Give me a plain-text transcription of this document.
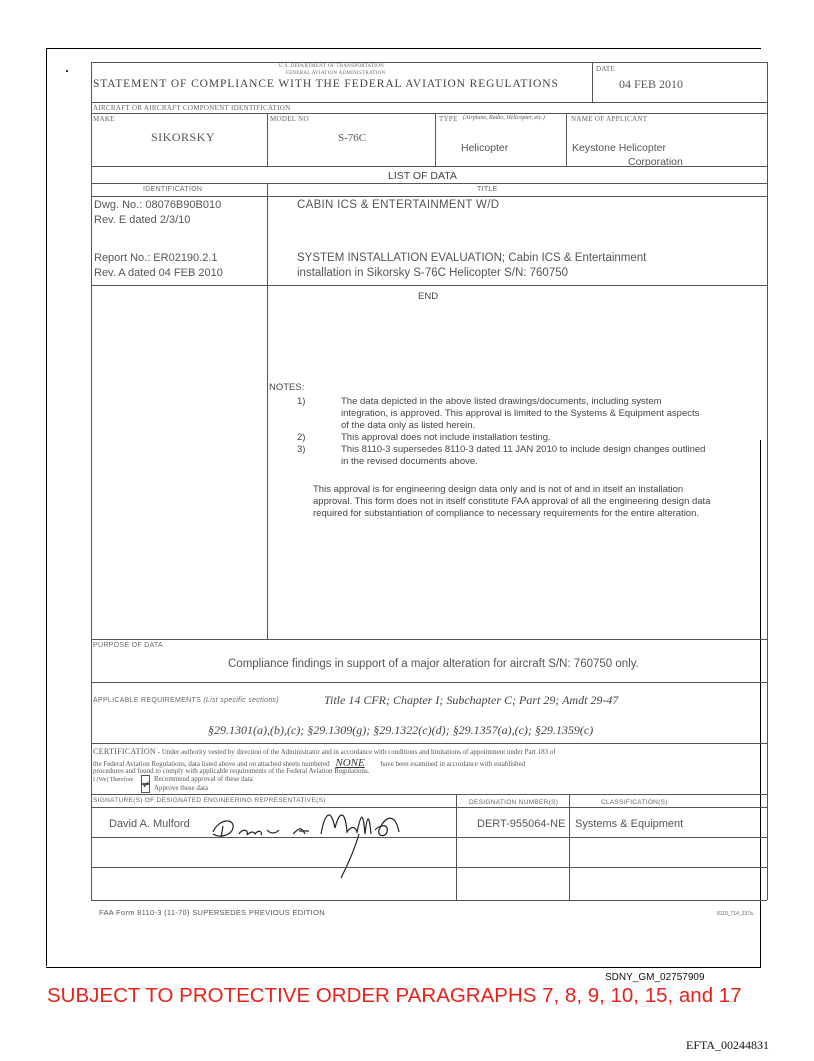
U.S. DEPARTMENT OF TRANSPORTATION
FEDERAL AVIATION ADMINISTRATION
STATEMENT OF COMPLIANCE WITH THE FEDERAL AVIATION REGULATIONS
DATE
04 FEB 2010
AIRCRAFT OR AIRCRAFT COMPONENT IDENTIFICATION
MAKE
SIKORSKY
MODEL NO
S-76C
TYPE (Airplane, Radio, Helicopter, etc.)
Helicopter
NAME OF APPLICANT
Keystone Helicopter
Corporation
LIST OF DATA
IDENTIFICATION	TITLE
Dwg. No.: 08076B90B010
Rev. E dated 2/3/10
CABIN ICS & ENTERTAINMENT W/D
Report No.: ER02190.2.1
Rev. A dated 04 FEB 2010
SYSTEM INSTALLATION EVALUATION; Cabin ICS & Entertainment
installation in Sikorsky S-76C Helicopter S/N: 760750
END
NOTES:
1)	The data depicted in the above listed drawings/documents, including system
integration, is approved. This approval is limited to the Systems & Equipment aspects
of the data only as listed herein.
2)	This approval does not include installation testing.
3)	This 8110-3 supersedes 8110-3 dated 11 JAN 2010 to include design changes outlined
in the revised documents above.
This approval is for engineering design data only and is not of and in itself an installation
approval. This form does not in itself constitute FAA approval of all the engineering design data
required for substantiation of compliance to necessary requirements for the entire alteration.
PURPOSE OF DATA
Compliance findings in support of a major alteration for aircraft S/N: 760750 only.
APPLICABLE REQUIREMENTS (List specific sections)	Title 14 CFR; Chapter I; Subchapter C; Part 29; Amdt 29-47
§29.1301(a),(b),(c); §29.1309(g); §29.1322(c)(d); §29.1357(a),(c); §29.1359(c)
CERTIFICATION - Under authority vested by direction of the Administrator and in accordance with conditions and limitations of appointment under Part 183 of
the Federal Aviation Regulations, data listed above and on attached sheets numbered NONE have been examined in accordance with established
procedures and found to comply with applicable requirements of the Federal Aviation Regulations.
I (We) Therefore	Recommend approval of these data
✓Approve these data
SIGNATURE(S) OF DESIGNATED ENGINEERING REPRESENTATIVE(S)	DESIGNATION NUMBER(S)	CLASSIFICATION(S)
David A. Mulford	DERT-955064-NE Systems & Equipment
FAA Form 8110-3 (11-70) SUPERSEDES PREVIOUS EDITION	8110_714_337a
SDNY_GM_02757909
SUBJECT TO PROTECTIVE ORDER PARAGRAPHS 7, 8, 9, 10, 15, and 17
EFTA_00244831
